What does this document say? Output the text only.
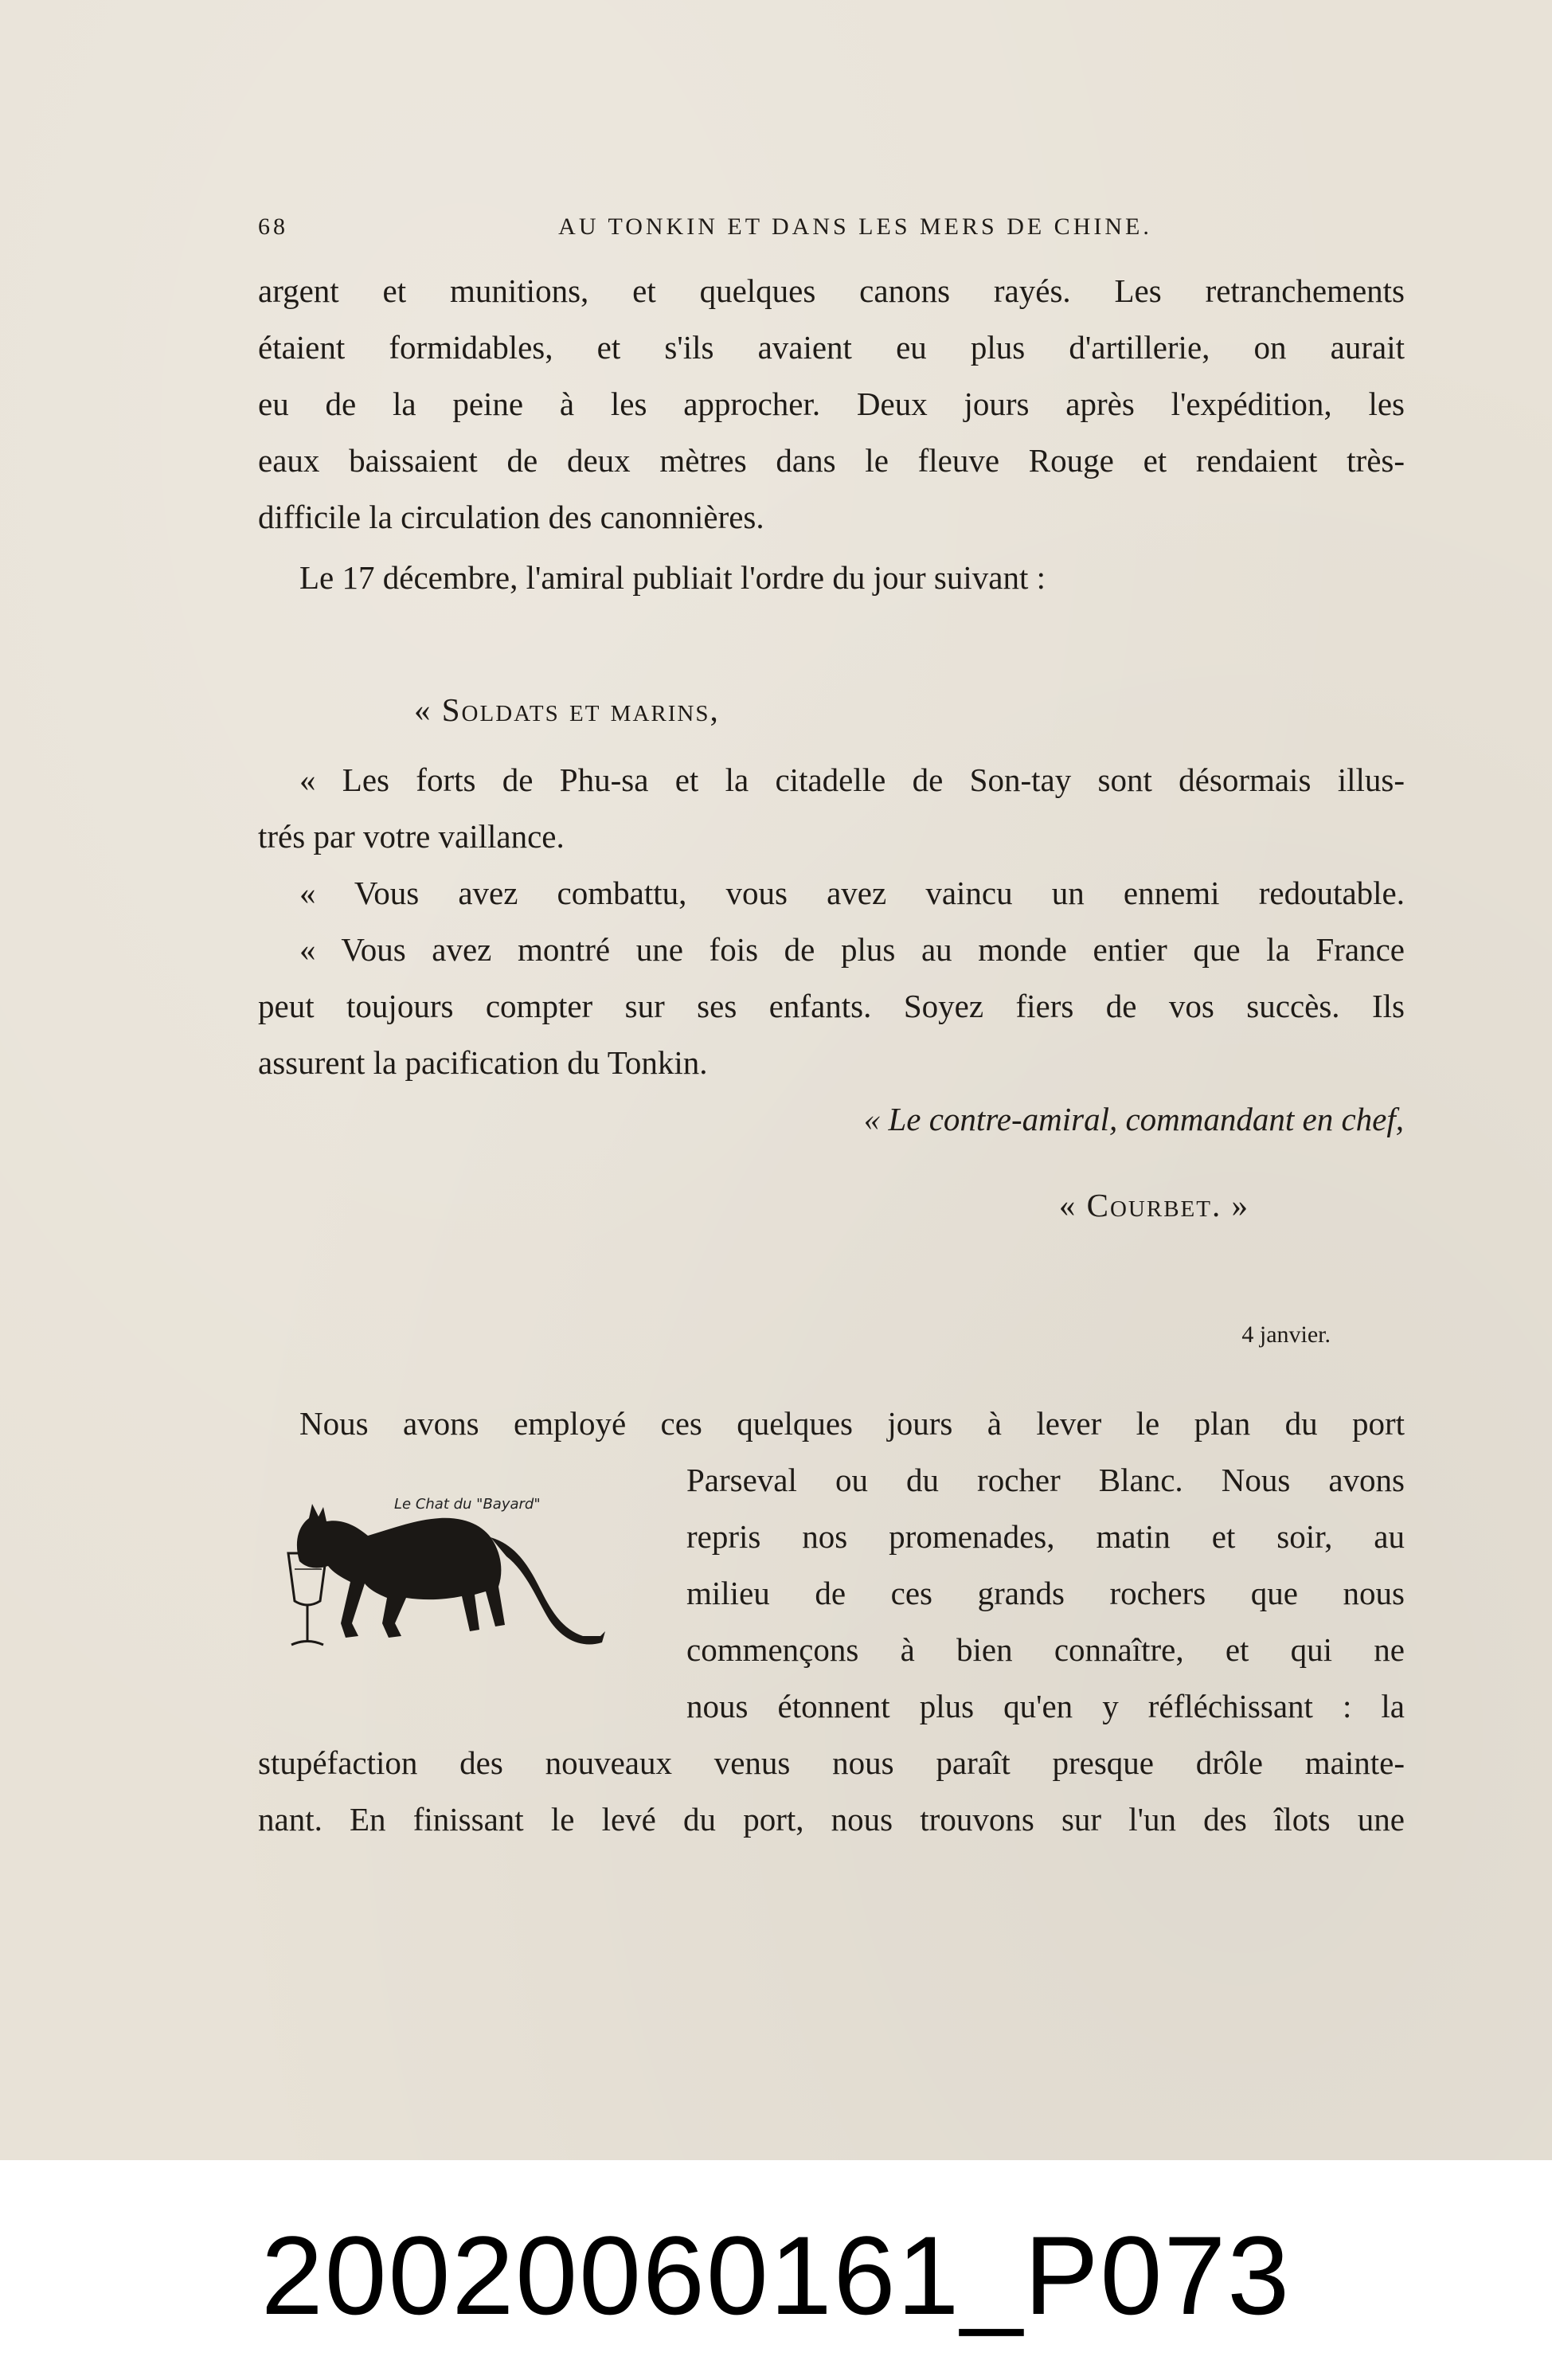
68	AU TONKIN ET DANS LES MERS DE CHINE.
argent et munitions, et quelques canons rayés. Les retranchements
étaient formidables, et s'ils avaient eu plus d'artillerie, on aurait
eu de la peine à les approcher. Deux jours après l'expédition, les
eaux baissaient de deux mètres dans le fleuve Rouge et rendaient très-
difficile la circulation des canonnières.
Le 17 décembre, l'amiral publiait l'ordre du jour suivant :
« Soldats et marins,
« Les forts de Phu-sa et la citadelle de Son-tay sont désormais illus-
trés par votre vaillance.
« Vous avez combattu, vous avez vaincu un ennemi redoutable.
« Vous avez montré une fois de plus au monde entier que la France
peut toujours compter sur ses enfants. Soyez fiers de vos succès. Ils
assurent la pacification du Tonkin.
« Le contre-amiral, commandant en chef,
« Courbet. »
4 janvier.
Nous avons employé ces quelques jours à lever le plan du port
Parseval ou du rocher Blanc. Nous avons
repris nos promenades, matin et soir, au
milieu de ces grands rochers que nous
commençons à bien connaître, et qui ne
nous étonnent plus qu'en y réfléchissant : la
stupéfaction des nouveaux venus nous paraît presque drôle mainte-
nant. En finissant le levé du port, nous trouvons sur l'un des îlots une
Le Chat du "Bayard"
20020060161_P073
